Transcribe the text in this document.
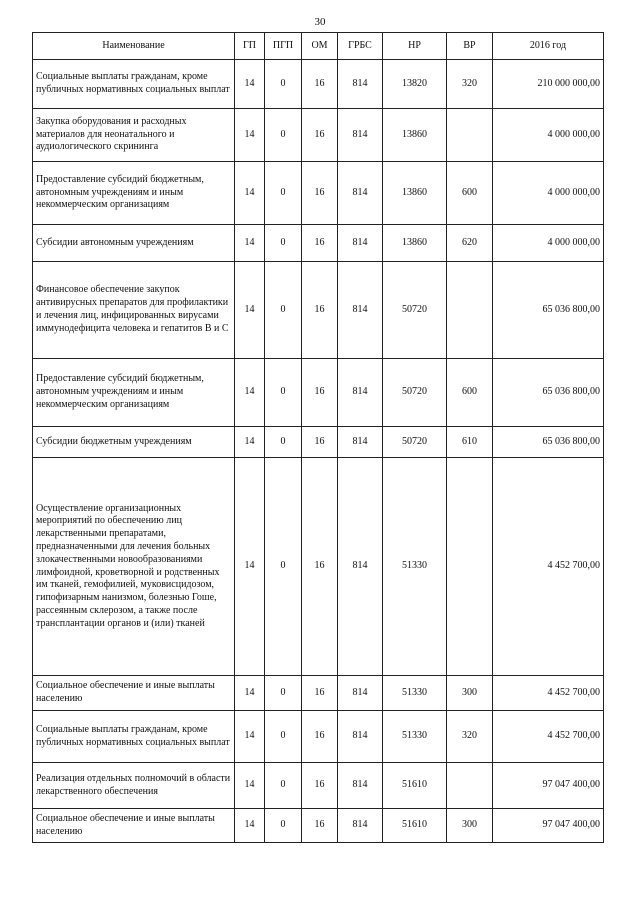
30
Наименование	ГП	ПГП	ОМ	ГРБС	НР	ВР	2016 год
Социальные выплаты гражданам, кроме публичных нормативных социальных выплат	14	0	16	814	13820	320	210 000 000,00
Закупка оборудования и расходных материалов для неонатального и аудиологического скрининга	14	0	16	814	13860		4 000 000,00
Предоставление субсидий бюджетным, автономным учреждениям и иным некоммерческим организациям	14	0	16	814	13860	600	4 000 000,00
Субсидии автономным учреждениям	14	0	16	814	13860	620	4 000 000,00
Финансовое обеспечение закупок антивирусных препаратов для профилактики и лечения лиц, инфицированных вирусами иммунодефицита человека и гепатитов В и С	14	0	16	814	50720		65 036 800,00
Предоставление субсидий бюджетным, автономным учреждениям и иным некоммерческим организациям	14	0	16	814	50720	600	65 036 800,00
Субсидии бюджетным учреждениям	14	0	16	814	50720	610	65 036 800,00
Осуществление организационных мероприятий по обеспечению лиц лекарственными препаратами, предназначенными для лечения больных злокачественными новообразованиями лимфоидной, кроветворной и родственных им тканей, гемофилией, муковисцидозом, гипофизарным нанизмом, болезнью Гоше, рассеянным склерозом, а также после трансплантации органов и (или) тканей	14	0	16	814	51330		4 452 700,00
Социальное обеспечение и иные выплаты населению	14	0	16	814	51330	300	4 452 700,00
Социальные выплаты гражданам, кроме публичных нормативных социальных выплат	14	0	16	814	51330	320	4 452 700,00
Реализация отдельных полномочий в области лекарственного обеспечения	14	0	16	814	51610		97 047 400,00
Социальное обеспечение и иные выплаты населению	14	0	16	814	51610	300	97 047 400,00
